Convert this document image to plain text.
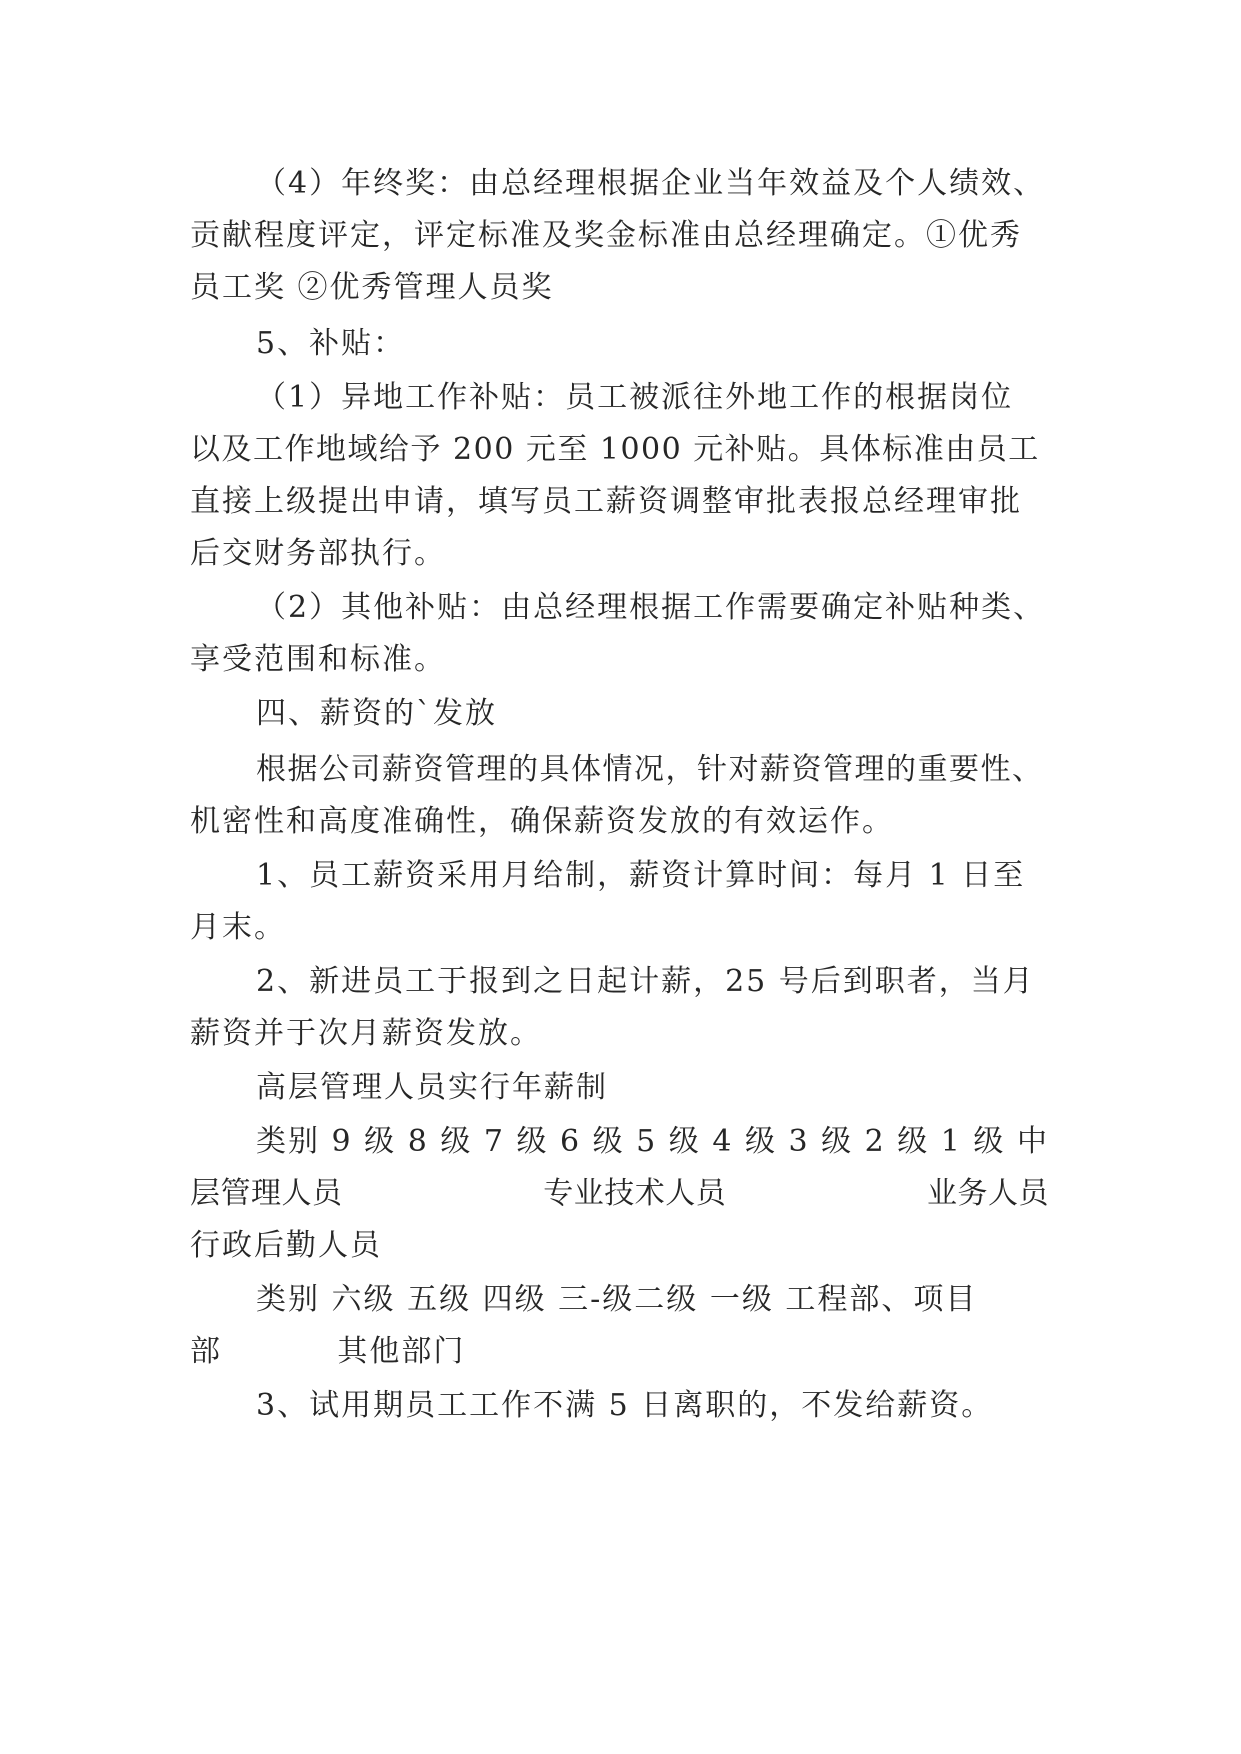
（4）年终奖：由总经理根据企业当年效益及个人绩效、
贡献程度评定，评定标准及奖金标准由总经理确定。①优秀
员工奖 ②优秀管理人员奖
5、补贴：
（1）异地工作补贴：员工被派往外地工作的根据岗位
以及工作地域给予 200 元至 1000 元补贴。具体标准由员工
直接上级提出申请，填写员工薪资调整审批表报总经理审批
后交财务部执行。
（2）其他补贴：由总经理根据工作需要确定补贴种类、
享受范围和标准。
四、薪资的`发放
根据公司薪资管理的具体情况，针对薪资管理的重要性、
机密性和高度准确性，确保薪资发放的有效运作。
1、员工薪资采用月给制，薪资计算时间：每月 1 日至
月末。
2、新进员工于报到之日起计薪，25 号后到职者，当月
薪资并于次月薪资发放。
高层管理人员实行年薪制
类别 9 级 8 级 7 级 6 级 5 级 4 级 3 级 2 级 1 级 中
层管理人员                    专业技术人员                    业务人员
行政后勤人员
类别 六级 五级 四级 三-级二级 一级 工程部、项目
部          其他部门
3、试用期员工工作不满 5 日离职的，不发给薪资。
